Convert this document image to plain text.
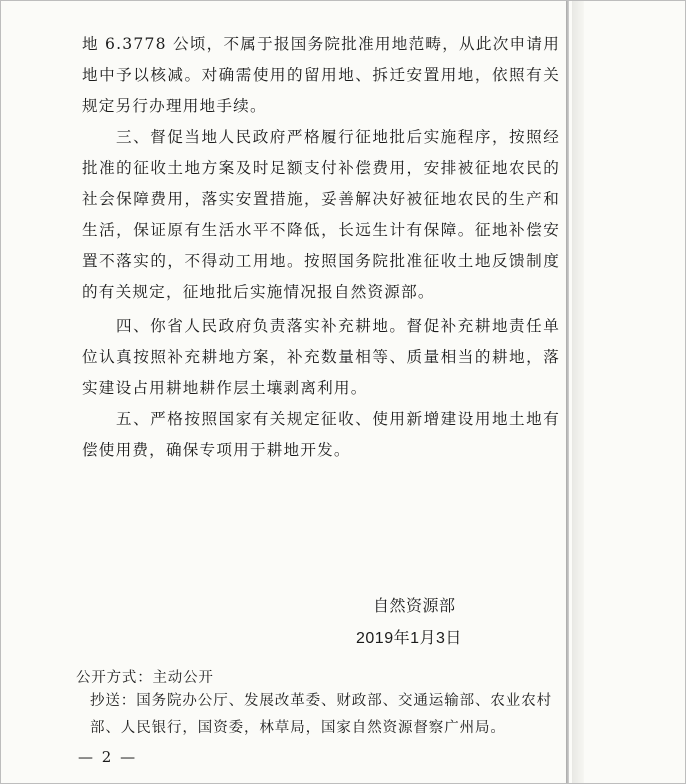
地 6.3778 公顷，不属于报国务院批准用地范畴，从此次申请用地中予以核减。对确需使用的留用地、拆迁安置用地，依照有关规定另行办理用地手续。

三、督促当地人民政府严格履行征地批后实施程序，按照经批准的征收土地方案及时足额支付补偿费用，安排被征地农民的社会保障费用，落实安置措施，妥善解决好被征地农民的生产和生活，保证原有生活水平不降低，长远生计有保障。征地补偿安置不落实的，不得动工用地。按照国务院批准征收土地反馈制度的有关规定，征地批后实施情况报自然资源部。

四、你省人民政府负责落实补充耕地。督促补充耕地责任单位认真按照补充耕地方案，补充数量相等、质量相当的耕地，落实建设占用耕地耕作层土壤剥离利用。

五、严格按照国家有关规定征收、使用新增建设用地土地有偿使用费，确保专项用于耕地开发。

自然资源部
2019年1月3日
公开方式：主动公开
抄送：国务院办公厅、发展改革委、财政部、交通运输部、农业农村部、人民银行，国资委，林草局，国家自然资源督察广州局。
— 2 —
